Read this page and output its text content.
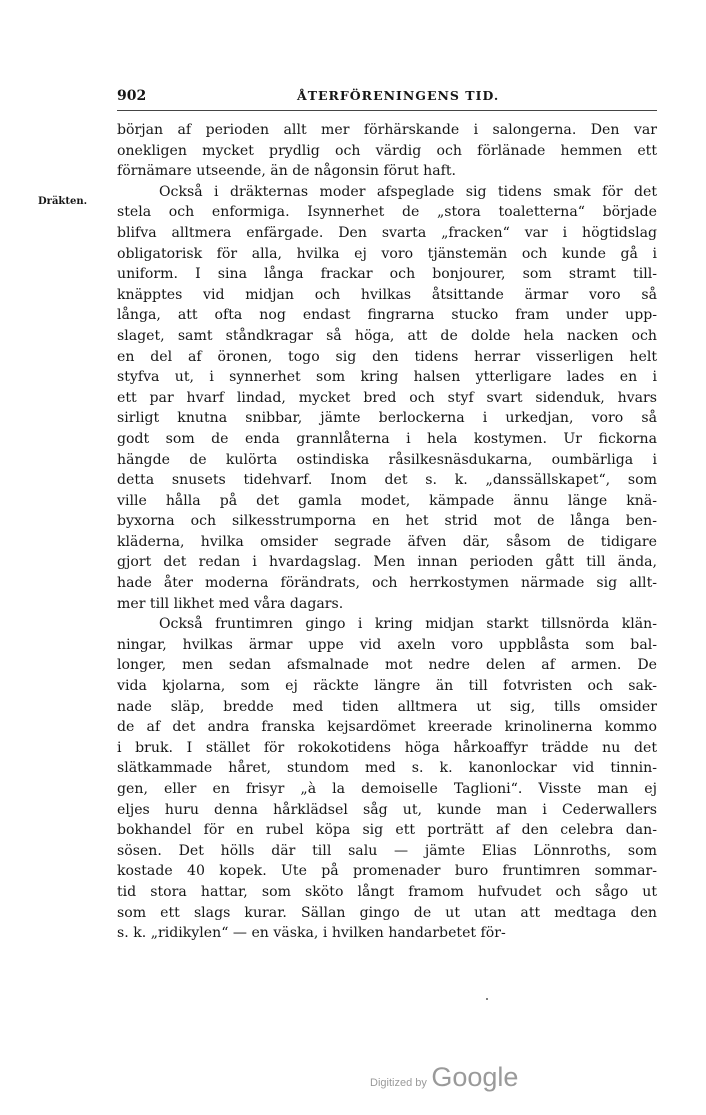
902	ÅTERFÖRENINGENS TID.
Dräkten.
början af perioden allt mer förhärskande i salongerna. Den var
onekligen mycket prydlig och värdig och förlänade hemmen ett
förnämare utseende, än de någonsin förut haft.
Också i dräkternas moder afspeglade sig tidens smak för det
stela och enformiga. Isynnerhet de „stora toaletterna“ började
blifva alltmera enfärgade. Den svarta „fracken“ var i högtidslag
obligatorisk för alla, hvilka ej voro tjänstemän och kunde gå i
uniform. I sina långa frackar och bonjourer, som stramt till-
knäpptes vid midjan och hvilkas åtsittande ärmar voro så
långa, att ofta nog endast fingrarna stucko fram under upp-
slaget, samt ståndkragar så höga, att de dolde hela nacken och
en del af öronen, togo sig den tidens herrar visserligen helt
styfva ut, i synnerhet som kring halsen ytterligare lades en i
ett par hvarf lindad, mycket bred och styf svart sidenduk, hvars
sirligt knutna snibbar, jämte berlockerna i urkedjan, voro så
godt som de enda grannlåterna i hela kostymen. Ur fickorna
hängde de kulörta ostindiska råsilkesnäsdukarna, oumbärliga i
detta snusets tidehvarf. Inom det s. k. „danssällskapet“, som
ville hålla på det gamla modet, kämpade ännu länge knä-
byxorna och silkesstrumporna en het strid mot de långa ben-
kläderna, hvilka omsider segrade äfven där, såsom de tidigare
gjort det redan i hvardagslag. Men innan perioden gått till ända,
hade åter moderna förändrats, och herrkostymen närmade sig allt-
mer till likhet med våra dagars.
Också fruntimren gingo i kring midjan starkt tillsnörda klän-
ningar, hvilkas ärmar uppe vid axeln voro uppblåsta som bal-
longer, men sedan afsmalnade mot nedre delen af armen. De
vida kjolarna, som ej räckte längre än till fotvristen och sak-
nade släp, bredde med tiden alltmera ut sig, tills omsider
de af det andra franska kejsardömet kreerade krinolinerna kommo
i bruk. I stället för rokokotidens höga hårkoaffyr trädde nu det
slätkammade håret, stundom med s. k. kanonlockar vid tinnin-
gen, eller en frisyr „à la demoiselle Taglioni“. Visste man ej
eljes huru denna hårklädsel såg ut, kunde man i Cederwallers
bokhandel för en rubel köpa sig ett porträtt af den celebra dan-
sösen. Det hölls där till salu — jämte Elias Lönnroths, som
kostade 40 kopek. Ute på promenader buro fruntimren sommar-
tid stora hattar, som sköto långt framom hufvudet och sågo ut
som ett slags kurar. Sällan gingo de ut utan att medtaga den
s. k. „ridikylen“ — en väska, i hvilken handarbetet för-
Digitized by Google
